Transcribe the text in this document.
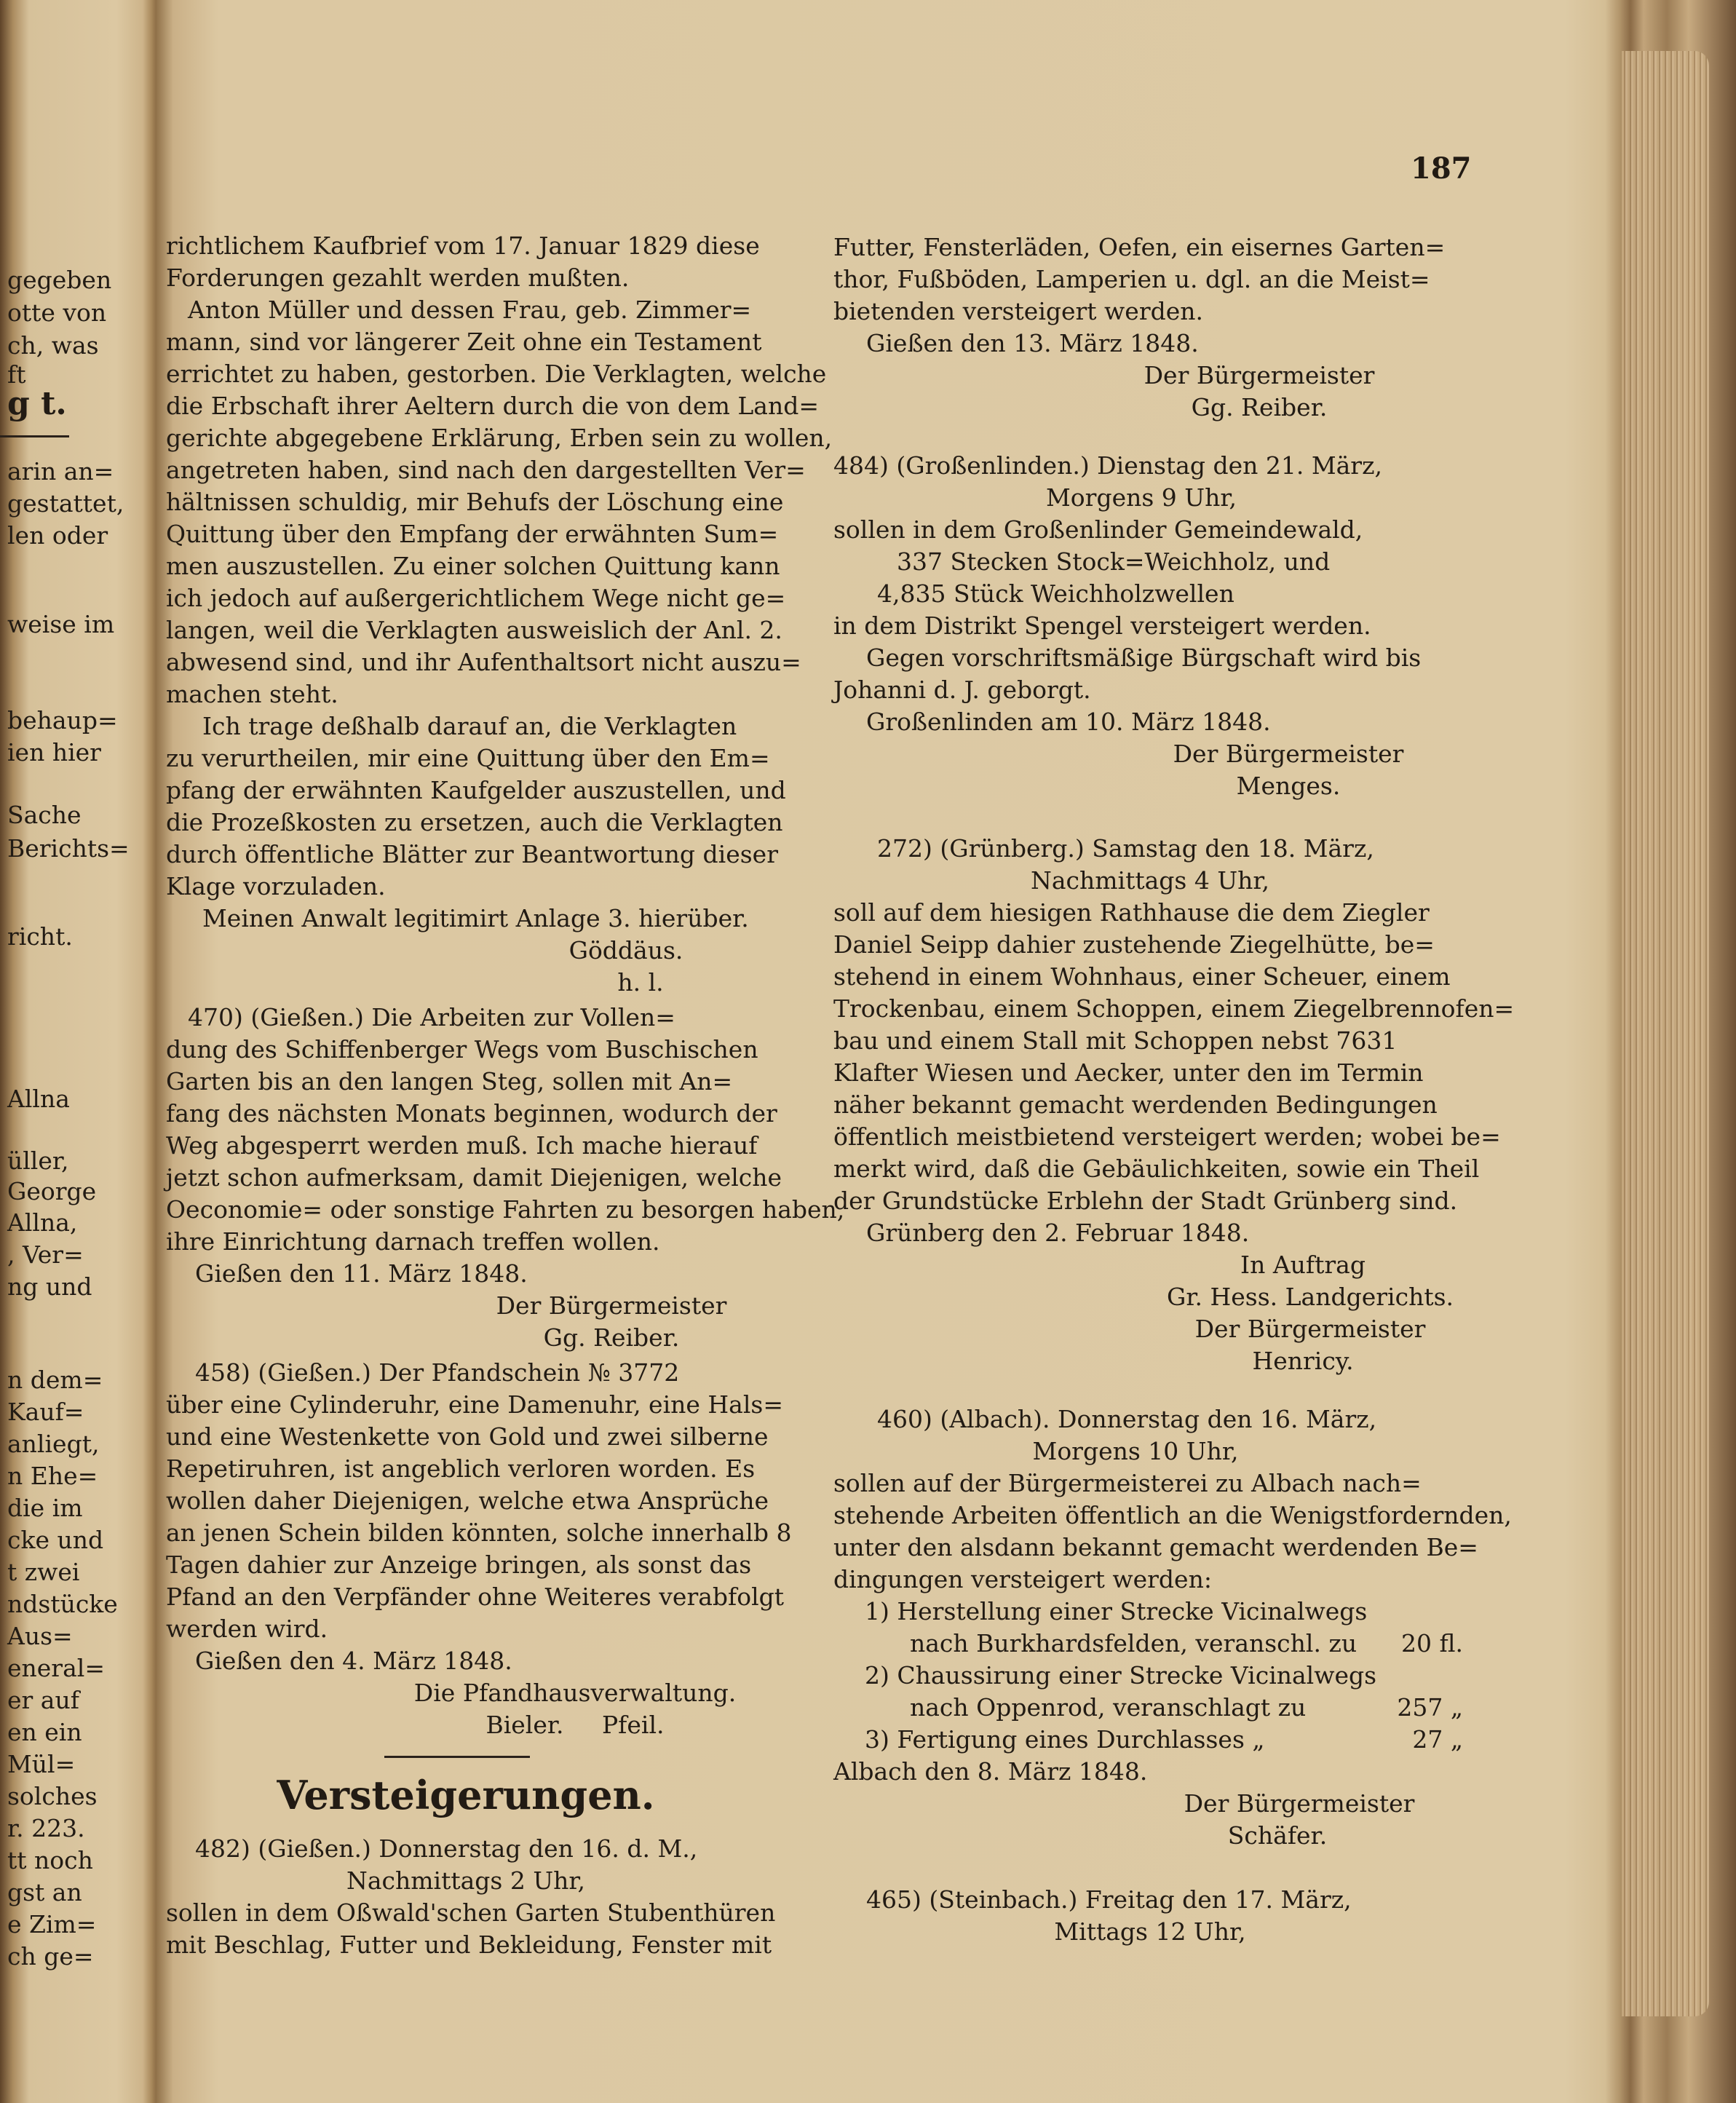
gegeben
otte von
ch, was
ft
g t.
arin an=
gestattet,
len oder
weise im
behaup=
ien hier
Sache
Berichts=
richt.
Allna
üller,
George
Allna,
, Ver=
ng und
n dem=
Kauf=
anliegt,
n Ehe=
die im
cke und
t zwei
ndstücke
Aus=
eneral=
er auf
en ein
Mül=
solches
r. 223.
tt noch
gst an
e Zim=
ch ge=
187
richtlichem Kaufbrief vom 17. Januar 1829 diese
Forderungen gezahlt werden mußten.
Anton Müller und dessen Frau, geb. Zimmer=
mann, sind vor längerer Zeit ohne ein Testament
errichtet zu haben, gestorben. Die Verklagten, welche
die Erbschaft ihrer Aeltern durch die von dem Land=
gerichte abgegebene Erklärung, Erben sein zu wollen,
angetreten haben, sind nach den dargestellten Ver=
hältnissen schuldig, mir Behufs der Löschung eine
Quittung über den Empfang der erwähnten Sum=
men auszustellen. Zu einer solchen Quittung kann
ich jedoch auf außergerichtlichem Wege nicht ge=
langen, weil die Verklagten ausweislich der Anl. 2.
abwesend sind, und ihr Aufenthaltsort nicht auszu=
machen steht.
Ich trage deßhalb darauf an, die Verklagten
zu verurtheilen, mir eine Quittung über den Em=
pfang der erwähnten Kaufgelder auszustellen, und
die Prozeßkosten zu ersetzen, auch die Verklagten
durch öffentliche Blätter zur Beantwortung dieser
Klage vorzuladen.
Meinen Anwalt legitimirt Anlage 3. hierüber.
Göddäus.
h. l.
470) (Gießen.) Die Arbeiten zur Vollen=
dung des Schiffenberger Wegs vom Buschischen
Garten bis an den langen Steg, sollen mit An=
fang des nächsten Monats beginnen, wodurch der
Weg abgesperrt werden muß. Ich mache hierauf
jetzt schon aufmerksam, damit Diejenigen, welche
Oeconomie= oder sonstige Fahrten zu besorgen haben,
ihre Einrichtung darnach treffen wollen.
Gießen den 11. März 1848.
Der Bürgermeister
Gg. Reiber.
458) (Gießen.) Der Pfandschein № 3772
über eine Cylinderuhr, eine Damenuhr, eine Hals=
und eine Westenkette von Gold und zwei silberne
Repetiruhren, ist angeblich verloren worden. Es
wollen daher Diejenigen, welche etwa Ansprüche
an jenen Schein bilden könnten, solche innerhalb 8
Tagen dahier zur Anzeige bringen, als sonst das
Pfand an den Verpfänder ohne Weiteres verabfolgt
werden wird.
Gießen den 4. März 1848.
Die Pfandhausverwaltung.
Bieler.     Pfeil.
Versteigerungen.
482) (Gießen.) Donnerstag den 16. d. M.,
Nachmittags 2 Uhr,
sollen in dem Oßwald'schen Garten Stubenthüren
mit Beschlag, Futter und Bekleidung, Fenster mit
Futter, Fensterläden, Oefen, ein eisernes Garten=
thor, Fußböden, Lamperien u. dgl. an die Meist=
bietenden versteigert werden.
Gießen den 13. März 1848.
Der Bürgermeister
Gg. Reiber.
484) (Großenlinden.) Dienstag den 21. März,
Morgens 9 Uhr,
sollen in dem Großenlinder Gemeindewald,
337 Stecken Stock=Weichholz, und
4,835 Stück Weichholzwellen
in dem Distrikt Spengel versteigert werden.
Gegen vorschriftsmäßige Bürgschaft wird bis
Johanni d. J. geborgt.
Großenlinden am 10. März 1848.
Der Bürgermeister
Menges.
272) (Grünberg.) Samstag den 18. März,
Nachmittags 4 Uhr,
soll auf dem hiesigen Rathhause die dem Ziegler
Daniel Seipp dahier zustehende Ziegelhütte, be=
stehend in einem Wohnhaus, einer Scheuer, einem
Trockenbau, einem Schoppen, einem Ziegelbrennofen=
bau und einem Stall mit Schoppen nebst 7631
Klafter Wiesen und Aecker, unter den im Termin
näher bekannt gemacht werdenden Bedingungen
öffentlich meistbietend versteigert werden; wobei be=
merkt wird, daß die Gebäulichkeiten, sowie ein Theil
der Grundstücke Erblehn der Stadt Grünberg sind.
Grünberg den 2. Februar 1848.
In Auftrag
Gr. Hess. Landgerichts.
Der Bürgermeister
Henricy.
460) (Albach). Donnerstag den 16. März,
Morgens 10 Uhr,
sollen auf der Bürgermeisterei zu Albach nach=
stehende Arbeiten öffentlich an die Wenigstfordernden,
unter den alsdann bekannt gemacht werdenden Be=
dingungen versteigert werden:
1) Herstellung einer Strecke Vicinalwegs
nach Burkhardsfelden, veranschl. zu 20 fl.
2) Chaussirung einer Strecke Vicinalwegs
nach Oppenrod, veranschlagt zu	257 „
3) Fertigung eines Durchlasses „	27 „
Albach den 8. März 1848.
Der Bürgermeister
Schäfer.
465) (Steinbach.) Freitag den 17. März,
Mittags 12 Uhr,
